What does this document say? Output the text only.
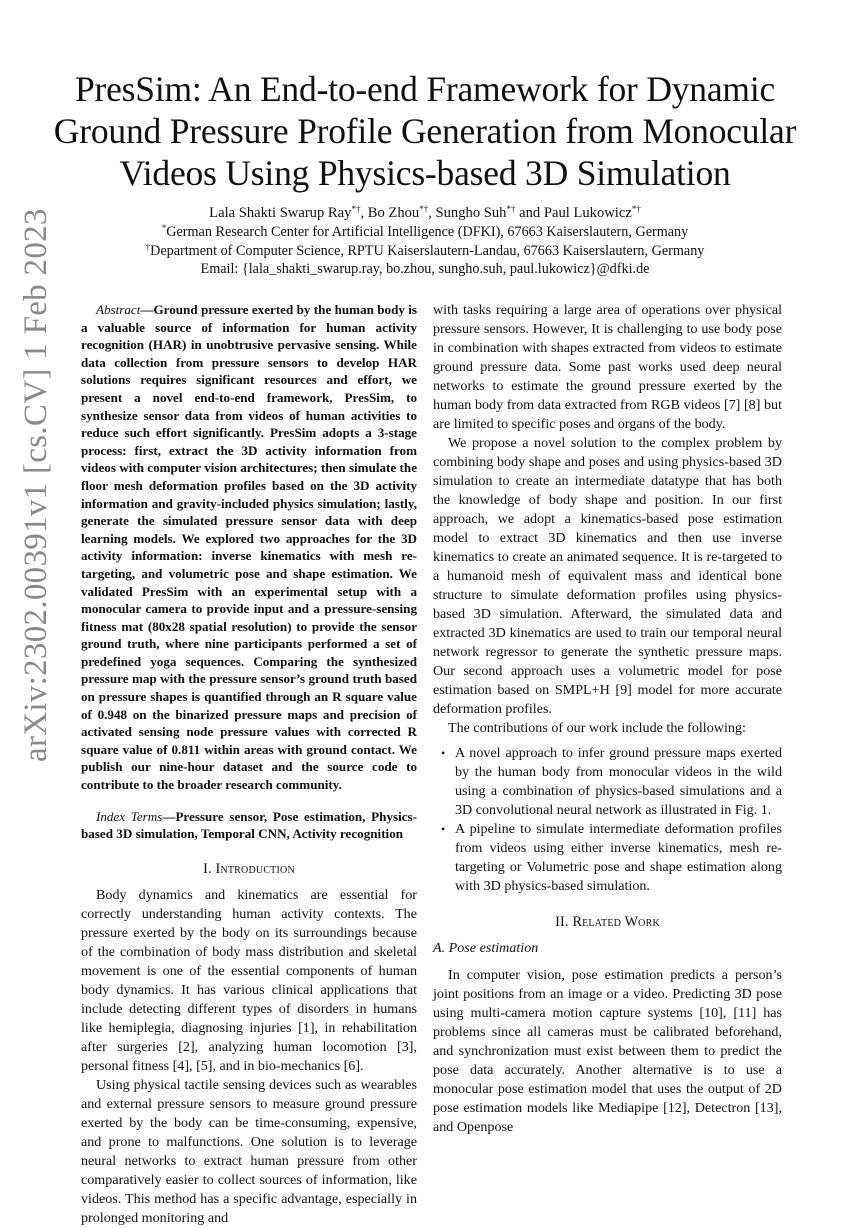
PresSim: An End-to-end Framework for Dynamic
Ground Pressure Profile Generation from Monocular
Videos Using Physics-based 3D Simulation
Lala Shakti Swarup Ray*†, Bo Zhou*†, Sungho Suh*† and Paul Lukowicz*†
*German Research Center for Artificial Intelligence (DFKI), 67663 Kaiserslautern, Germany
†Department of Computer Science, RPTU Kaiserslautern-Landau, 67663 Kaiserslautern, Germany
Email: {lala_shakti_swarup.ray, bo.zhou, sungho.suh, paul.lukowicz}@dfki.de
arXiv:2302.00391v1 [cs.CV] 1 Feb 2023	Abstract—Ground pressure exerted by the human body is a valuable source of information for human activity recognition (HAR) in unobtrusive pervasive sensing. While data collection from pressure sensors to develop HAR solutions requires significant resources and effort, we present a novel end-to-end framework, PresSim, to synthesize sensor data from videos of human activities to reduce such effort significantly. PresSim adopts a 3-stage process: first, extract the 3D activity information from videos with computer vision architectures; then simulate the floor mesh deformation profiles based on the 3D activity information and gravity-included physics simulation; lastly, generate the simulated pressure sensor data with deep learning models. We explored two approaches for the 3D activity information: inverse kinematics with mesh re-targeting, and volumetric pose and shape estimation. We validated PresSim with an experimental setup with a monocular camera to provide input and a pressure-sensing fitness mat (80x28 spatial resolution) to provide the sensor ground truth, where nine participants performed a set of predefined yoga sequences. Comparing the synthesized pressure map with the pressure sensor’s ground truth based on pressure shapes is quantified through an R square value of 0.948 on the binarized pressure maps and precision of activated sensing node pressure values with corrected R square value of 0.811 within areas with ground contact. We publish our nine-hour dataset and the source code to contribute to the broader research community.

Index Terms—Pressure sensor, Pose estimation, Physics-based 3D simulation, Temporal CNN, Activity recognition

I. Introduction

Body dynamics and kinematics are essential for correctly understanding human activity contexts. The pressure exerted by the body on its surroundings because of the combination of body mass distribution and skeletal movement is one of the essential components of human body dynamics. It has various clinical applications that include detecting different types of disorders in humans like hemiplegia, diagnosing injuries [1], in rehabilitation after surgeries [2], analyzing human locomotion [3], personal fitness [4], [5], and in bio-mechanics [6].

Using physical tactile sensing devices such as wearables and external pressure sensors to measure ground pressure exerted by the body can be time-consuming, expensive, and prone to malfunctions. One solution is to leverage neural networks to extract human pressure from other comparatively easier to collect sources of information, like videos. This method has a specific advantage, especially in prolonged monitoring and

with tasks requiring a large area of operations over physical pressure sensors. However, It is challenging to use body pose in combination with shapes extracted from videos to estimate ground pressure data. Some past works used deep neural networks to estimate the ground pressure exerted by the human body from data extracted from RGB videos [7] [8] but are limited to specific poses and organs of the body.

We propose a novel solution to the complex problem by combining body shape and poses and using physics-based 3D simulation to create an intermediate datatype that has both the knowledge of body shape and position. In our first approach, we adopt a kinematics-based pose estimation model to extract 3D kinematics and then use inverse kinematics to create an animated sequence. It is re-targeted to a humanoid mesh of equivalent mass and identical bone structure to simulate deformation profiles using physics-based 3D simulation. Afterward, the simulated data and extracted 3D kinematics are used to train our temporal neural network regressor to generate the synthetic pressure maps. Our second approach uses a volumetric model for pose estimation based on SMPL+H [9] model for more accurate deformation profiles.

The contributions of our work include the following:

• A novel approach to infer ground pressure maps exerted by the human body from monocular videos in the wild using a combination of physics-based simulations and a 3D convolutional neural network as illustrated in Fig. 1.
• A pipeline to simulate intermediate deformation profiles from videos using either inverse kinematics, mesh re-targeting or Volumetric pose and shape estimation along with 3D physics-based simulation.

II. Related Work

A. Pose estimation

In computer vision, pose estimation predicts a person’s joint positions from an image or a video. Predicting 3D pose using multi-camera motion capture systems [10], [11] has problems since all cameras must be calibrated beforehand, and synchronization must exist between them to predict the pose data accurately. Another alternative is to use a monocular pose estimation model that uses the output of 2D pose estimation models like Mediapipe [12], Detectron [13], and Openpose
